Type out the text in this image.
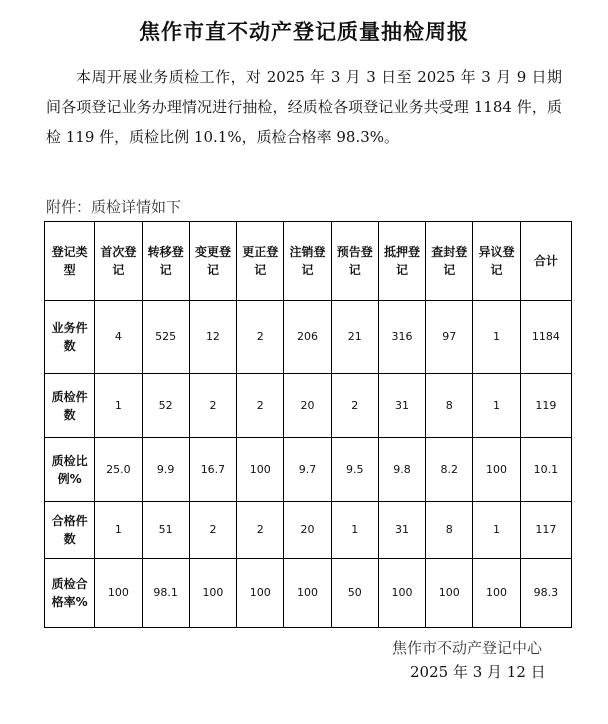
焦作市直不动产登记质量抽检周报
本周开展业务质检工作，对 2025 年 3 月 3 日至 2025 年 3 月 9 日期间各项登记业务办理情况进行抽检，经质检各项登记业务共受理 1184 件，质检 119 件，质检比例 10.1%，质检合格率 98.3%。
附件：质检详情如下
登记类型	首次登记	转移登记	变更登记	更正登记	注销登记	预告登记	抵押登记	查封登记	异议登记	合计
业务件数	4	525	12	2	206	21	316	97	1	1184
质检件数	1	52	2	2	20	2	31	8	1	119
质检比例%	25.0	9.9	16.7	100	9.7	9.5	9.8	8.2	100	10.1
合格件数	1	51	2	2	20	1	31	8	1	117
质检合格率%	100	98.1	100	100	100	50	100	100	100	98.3
焦作市不动产登记中心
2025 年 3 月 12 日
